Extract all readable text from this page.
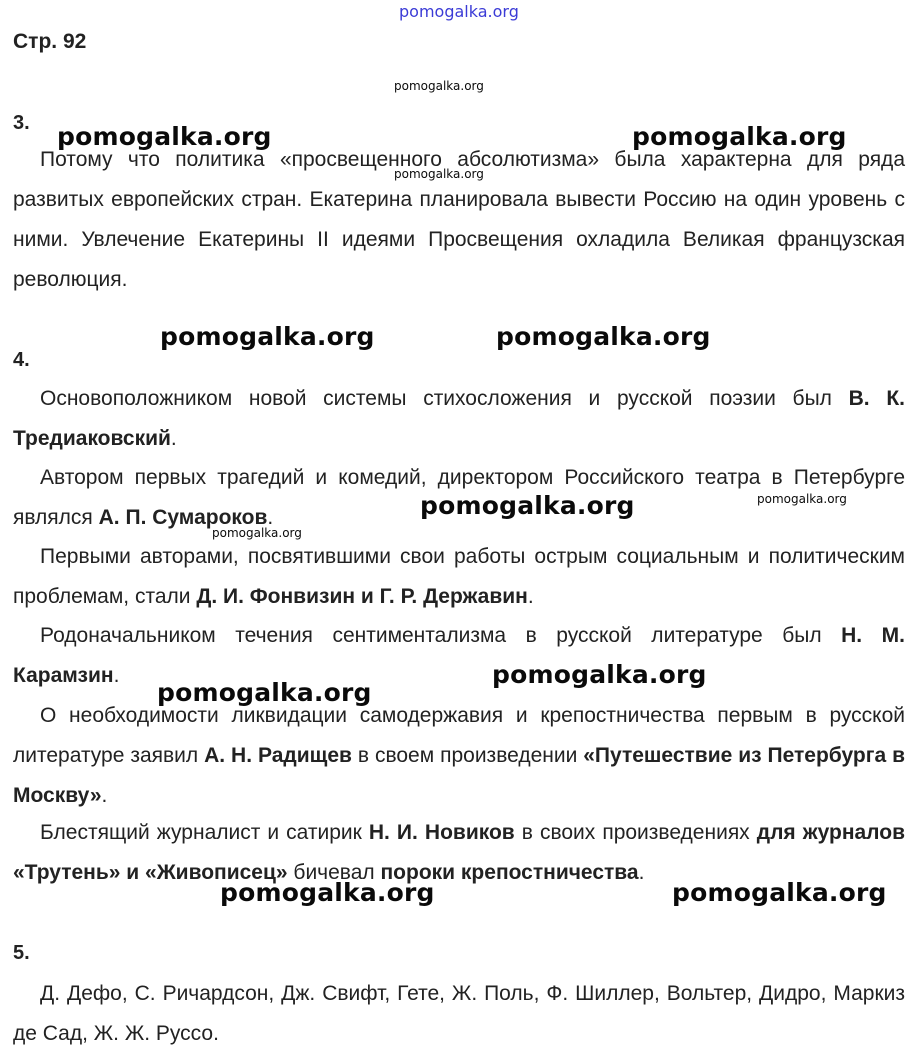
pomogalka.org
Стр. 92
pomogalka.org
3.

Потому что политика «просвещенного абсолютизма» была характерна для ряда развитых европейских стран. Екатерина планировала вывести Россию на один уровень с ними. Увлечение Екатерины II идеями Просвещения охладила Великая французская революция.

4.

Основоположником новой системы стихосложения и русской поэзии был В. К. Тредиаковский.

Автором первых трагедий и комедий, директором Российского театра в Петербурге являлся А. П. Сумароков.

Первыми авторами, посвятившими свои работы острым социальным и политическим проблемам, стали Д. И. Фонвизин и Г. Р. Державин.

Родоначальником течения сентиментализма в русской литературе был Н. М. Карамзин.

О необходимости ликвидации самодержавия и крепостничества первым в русской литературе заявил А. Н. Радищев в своем произведении «Путешествие из Петербурга в Москву».

Блестящий журналист и сатирик Н. И. Новиков в своих произведениях для журналов «Трутень» и «Живописец» бичевал пороки крепостничества.

5.

Д. Дефо, С. Ричардсон, Дж. Свифт, Гете, Ж. Поль, Ф. Шиллер, Вольтер, Дидро, Маркиз де Сад, Ж. Ж. Руссо.

pomogalka.org	pomogalka.org
pomogalka.org
pomogalka.org	pomogalka.org
pomogalka.org	pomogalka.org
pomogalka.org
pomogalka.org
pomogalka.org
pomogalka.org	pomogalka.org
